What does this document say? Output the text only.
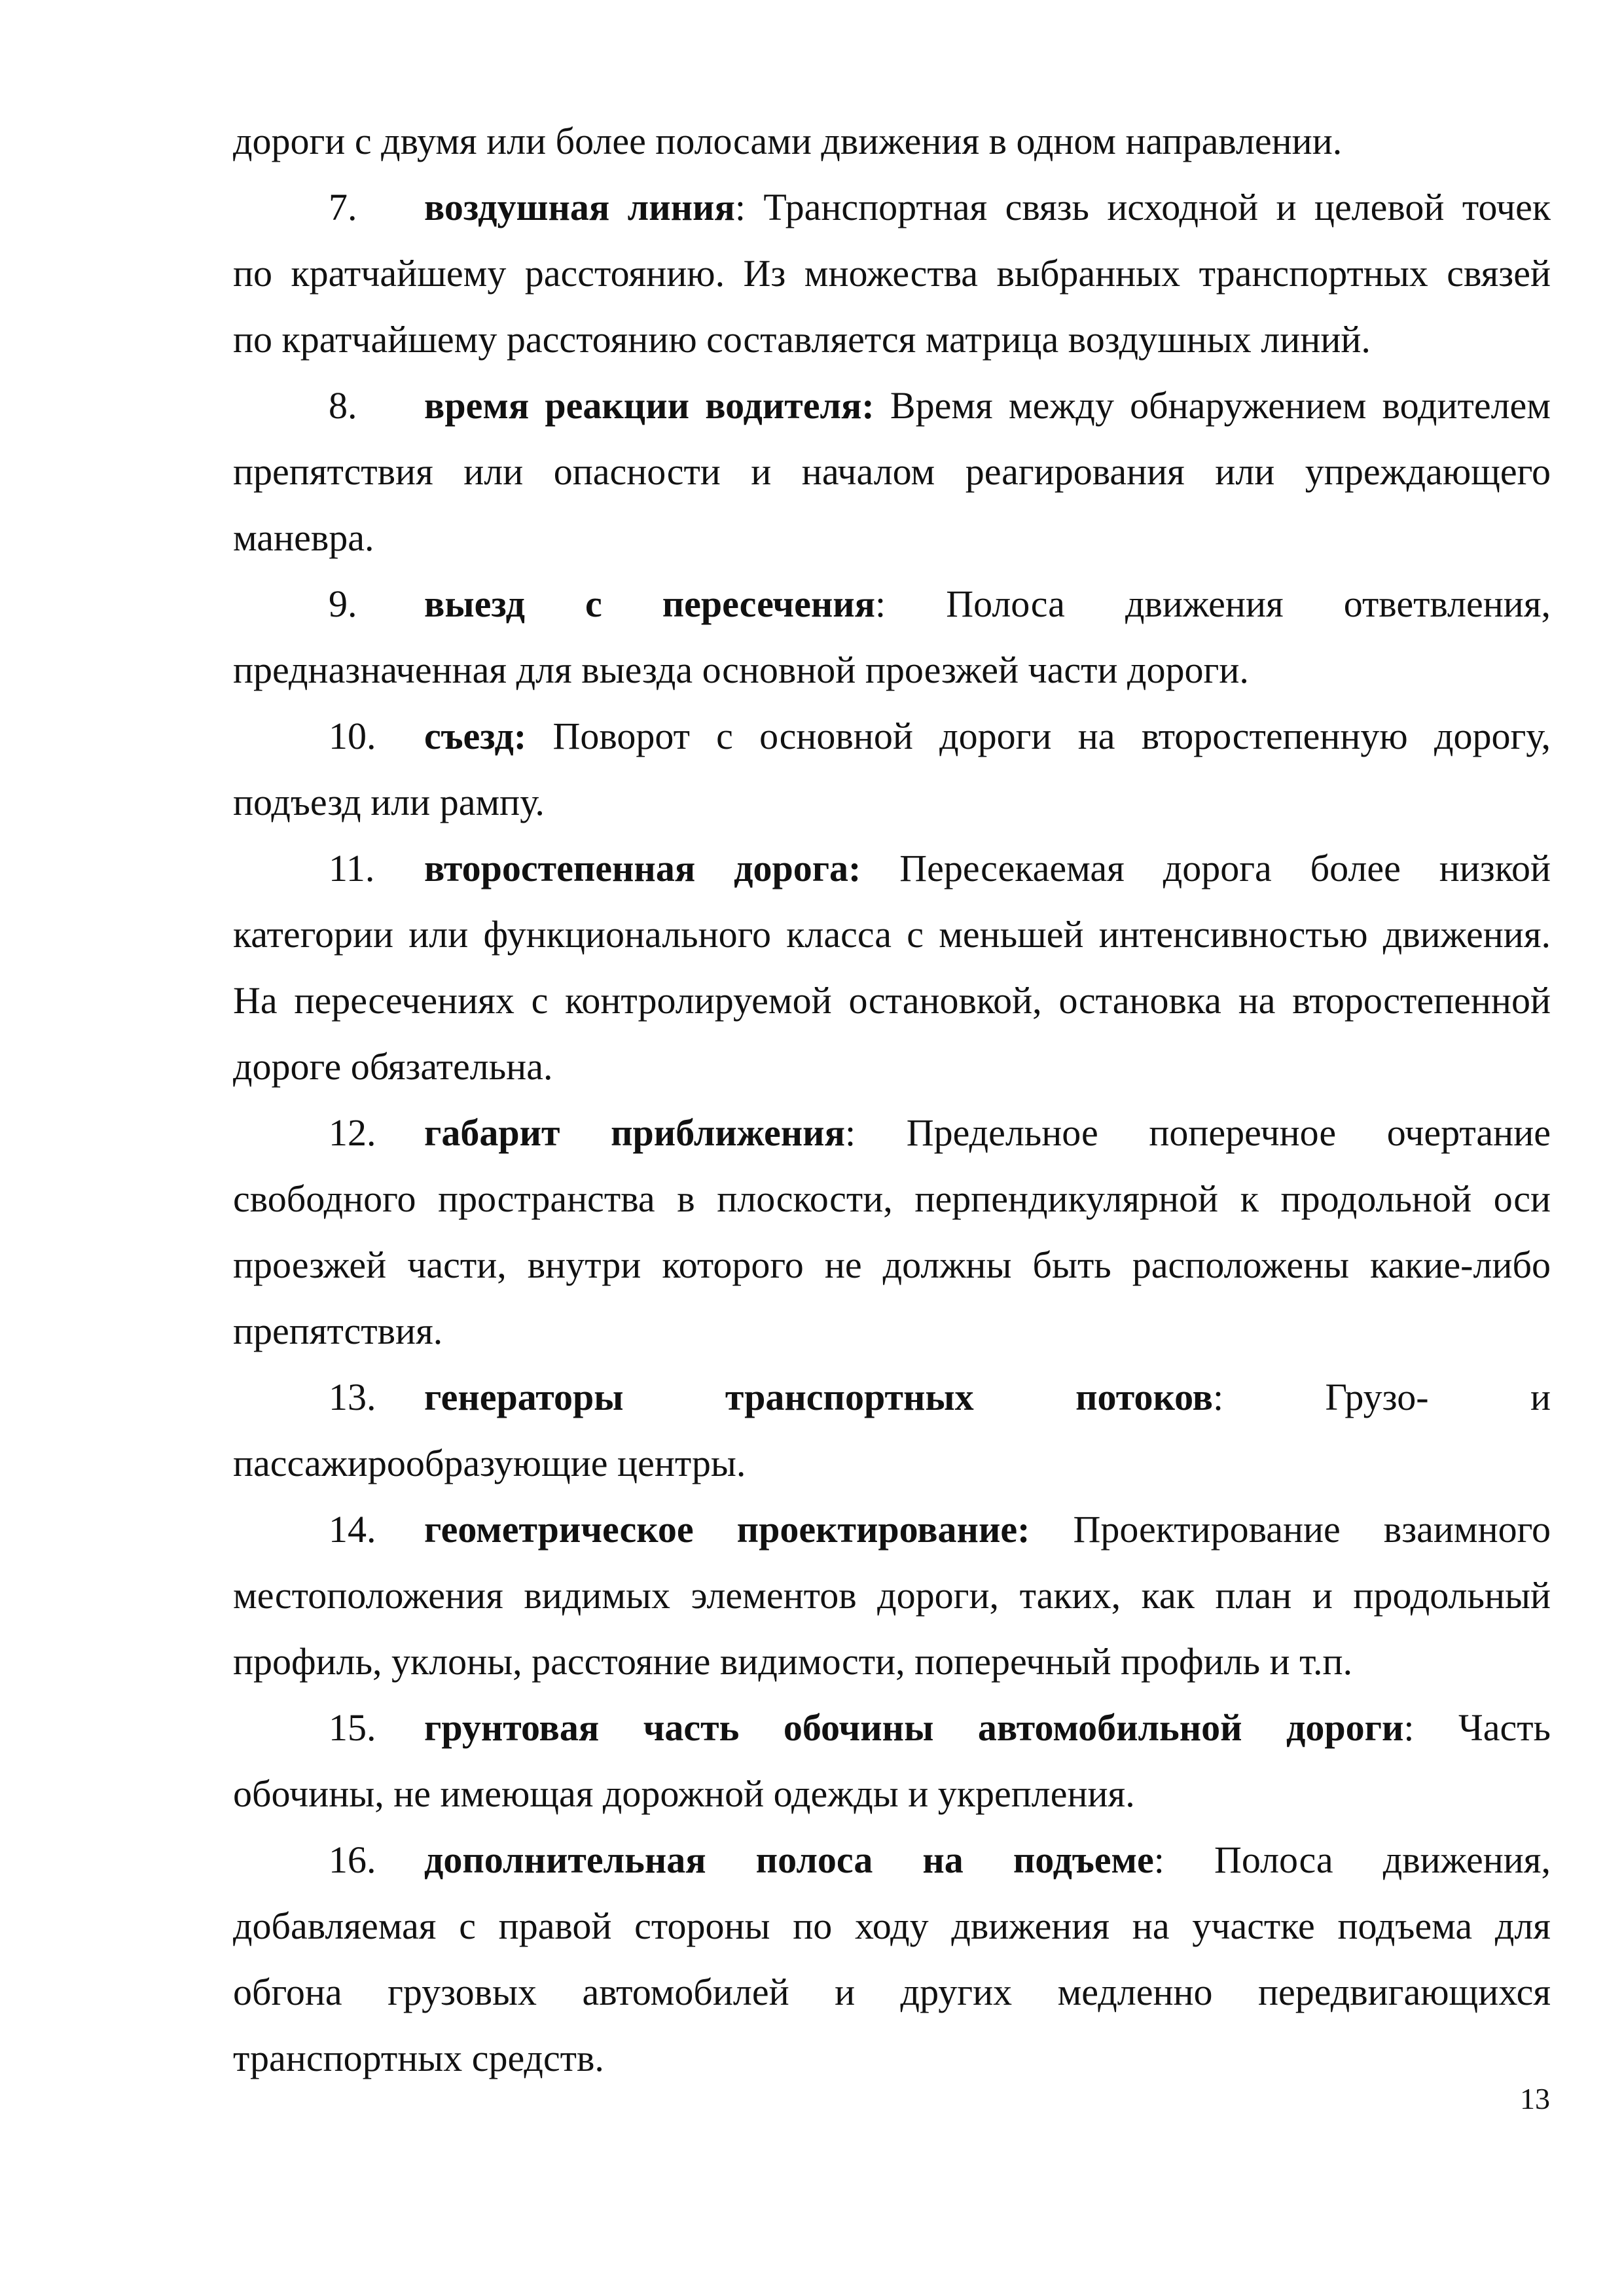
дороги с двумя или более полосами движения в одном направлении.
7. воздушная линия: Транспортная связь исходной и целевой точек
по кратчайшему расстоянию. Из множества выбранных транспортных связей
по кратчайшему расстоянию составляется матрица воздушных линий.
8. время реакции водителя: Время между обнаружением водителем
препятствия или опасности и началом реагирования или упреждающего
маневра.
9. выезд с пересечения: Полоса движения ответвления,
предназначенная для выезда основной проезжей части дороги.
10. съезд: Поворот с основной дороги на второстепенную дорогу,
подъезд или рампу.
11. второстепенная дорога: Пересекаемая дорога более низкой
категории или функционального класса с меньшей интенсивностью движения.
На пересечениях с контролируемой остановкой, остановка на второстепенной
дороге обязательна.
12. габарит приближения: Предельное поперечное очертание
свободного пространства в плоскости, перпендикулярной к продольной оси
проезжей части, внутри которого не должны быть расположены какие-либо
препятствия.
13. генераторы транспортных потоков: Грузо- и
пассажирообразующие центры.
14. геометрическое проектирование: Проектирование взаимного
местоположения видимых элементов дороги, таких, как план и продольный
профиль, уклоны, расстояние видимости, поперечный профиль и т.п.
15. грунтовая часть обочины автомобильной дороги: Часть
обочины, не имеющая дорожной одежды и укрепления.
16. дополнительная полоса на подъеме: Полоса движения,
добавляемая с правой стороны по ходу движения на участке подъема для
обгона грузовых автомобилей и других медленно передвигающихся
транспортных средств.
13
